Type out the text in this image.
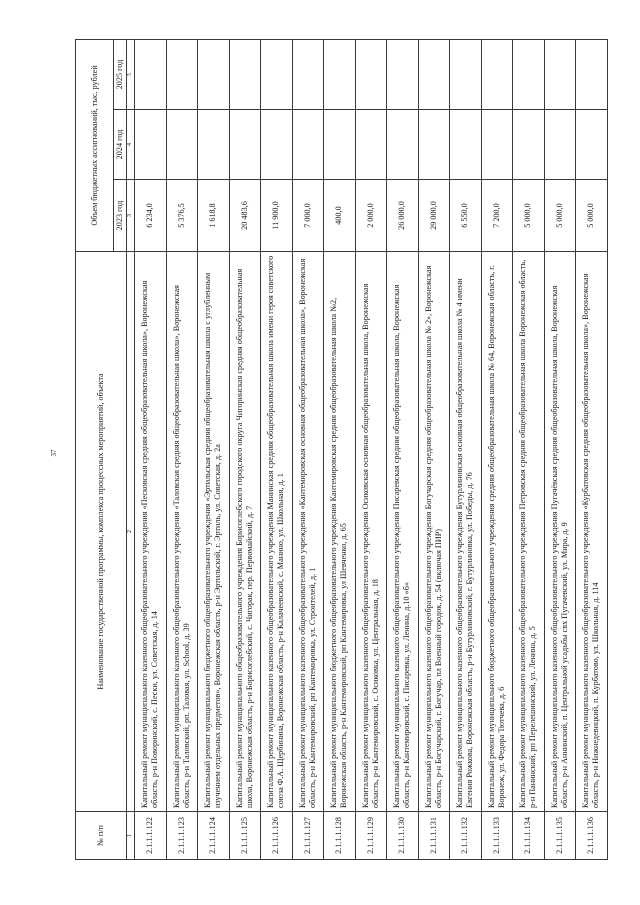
37
№ п/п	Наименование государственной программы, комплекса процессных мероприятий, объекта	Объем бюджетных ассигнований, тыс. рублей		
		2023 год	2024 год	2025 год
1	2	3	4	5
2.1.1.1.122	Капитальный ремонт муниципального казенного общеобразовательного учреждения «Песковская средняя общеобразовательная школа», Воронежская область, р-н Поворинский, с. Пески, ул. Советская, д. 14	6 234,0		
2.1.1.1.123	Капитальный ремонт муниципального казенного общеобразовательного учреждения «Таловская средняя общеобразовательная школа», Воронежская область, р-н Таловский, рп. Таловая, ул. School, д. 39	5 376,5		
2.1.1.1.124	Капитальный ремонт муниципального бюджетного общеобразовательного учреждения «Эртильская средняя общеобразовательная школа с углубленным изучением отдельных предметов», Воронежская область, р-н Эртильский, г. Эртиль, ул. Советская, д. 2а	1 618,8		
2.1.1.1.125	Капитальный ремонт муниципального общеобразовательного учреждения Борисоглебского городского округа Чигоринская средняя общеобразовательная школа, Воронежская область, р-н Борисоглебский, с. Чигорак, пер. Первомайский, д. 7	20 483,6		
2.1.1.1.126	Капитальный ремонт муниципального казенного общеобразовательного учреждения Манинская средняя общеобразовательная школа имени героя советского союза Ф.А. Щербинина, Воронежская область, р-н Калачеевский, с. Манино, ул. Школьная, д. 1	11 900,0		
2.1.1.1.127	Капитальный ремонт муниципального казенного общеобразовательного учреждения «Кантемировская основная общеобразовательная школа», Воронежская область, р-н Кантемировский, рп Кантемировка, ул. Строителей, д. 1	7 000,0		
2.1.1.1.128	Капитальный ремонт муниципального бюджетного общеобразовательного учреждения Кантемировская средняя общеобразовательная школа №2, Воронежская область, р-н Кантемировский, рп Кантемировка, ул Шевченко, д. 65	400,0		
2.1.1.1.129	Капитальный ремонт муниципального казенного общеобразовательного учреждения Осиковская основная общеобразовательная школа, Воронежская область, р-н Кантемировский, с. Осиковка, ул. Центральная, д. 18	2 000,0		
2.1.1.1.130	Капитальный ремонт муниципального казенного общеобразовательного учреждения Писаревская средняя общеобразовательная школа, Воронежская область, р-н Кантемировский, с. Писаревка, ул. Ленина, д.10 «б»	26 000,0		
2.1.1.1.131	Капитальный ремонт муниципального казенного общеобразовательного учреждения Богучарская средняя общеобразовательная школа № 2», Воронежская область, р-н Богучарский, г. Богучар, пл Военный городок, д. 54 (включая ПИР)	29 000,0		
2.1.1.1.132	Капитальный ремонт муниципального казенного общеобразовательного учреждения Бутурлиновская основная общеобразовательная школа № 4 имени Евгения Рожкова, Воронежская область, р-н Бутурлиновский, г. Бутурлиновка, ул. Победы, д. 76	6 550,0		
2.1.1.1.133	Капитальный ремонт муниципального бюджетного общеобразовательного учреждения средняя общеобразовательная школа № 64, Воронежская область, г. Воронеж, ул. Федора Тютчева, д. 6	7 200,0		
2.1.1.1.134	Капитальный ремонт муниципального казенного общеобразовательного учреждения Петровская средняя общеобразовательная школа Воронежская область, р-н Панинский, рп Перелешинский, ул. Ленина, д. 5	5 000,0		
2.1.1.1.135	Капитальный ремонт муниципального казенного общеобразовательного учреждения Пугачёвская средняя общеобразовательная школа, Воронежская область, р-н Аннинский, п. Центральной усадьбы свх Пугачевский, ул. Мира, д. 9	5 000,0		
2.1.1.1.136	Капитальный ремонт муниципального казенного общеобразовательного учреждения «Курбатовская средняя общеобразовательная школа», Воронежская область, р-н Нижнедевицкий, п. Курбатово, ул. Школьная, д. 114	5 000,0		
